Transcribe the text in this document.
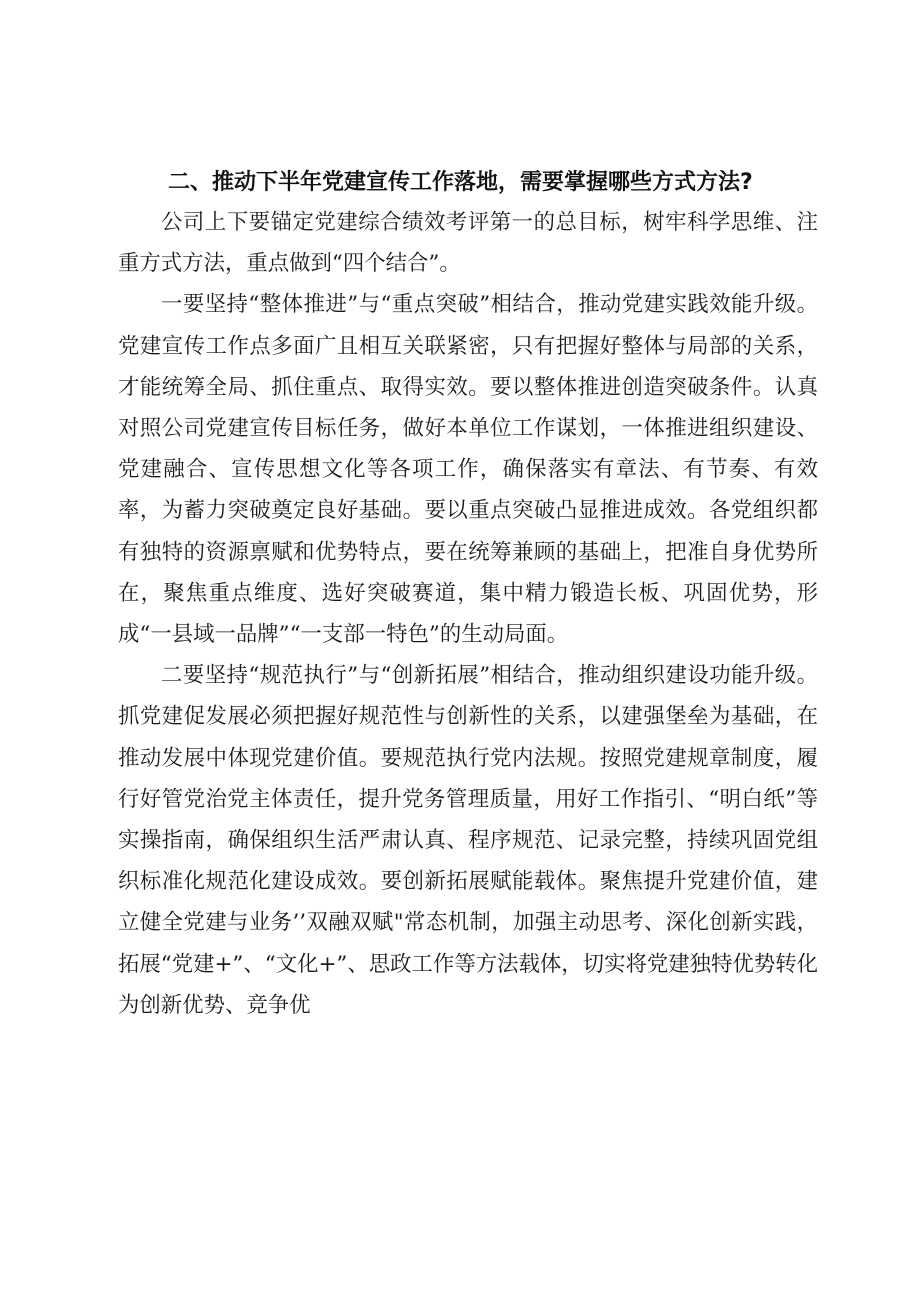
二、推动下半年党建宣传工作落地，需要掌握哪些方式方法?

公司上下要锚定党建综合绩效考评第一的总目标，树牢科学思维、注重方式方法，重点做到“四个结合”。

一要坚持“整体推进”与“重点突破”相结合，推动党建实践效能升级。党建宣传工作点多面广且相互关联紧密，只有把握好整体与局部的关系，才能统筹全局、抓住重点、取得实效。要以整体推进创造突破条件。认真对照公司党建宣传目标任务，做好本单位工作谋划，一体推进组织建设、党建融合、宣传思想文化等各项工作，确保落实有章法、有节奏、有效率，为蓄力突破奠定良好基础。要以重点突破凸显推进成效。各党组织都有独特的资源禀赋和优势特点，要在统筹兼顾的基础上，把准自身优势所在，聚焦重点维度、选好突破赛道，集中精力锻造长板、巩固优势，形成“一县域一品牌”“一支部一特色”的生动局面。

二要坚持“规范执行”与“创新拓展”相结合，推动组织建设功能升级。抓党建促发展必须把握好规范性与创新性的关系，以建强堡垒为基础，在推动发展中体现党建价值。要规范执行党内法规。按照党建规章制度，履行好管党治党主体责任，提升党务管理质量，用好工作指引、“明白纸”等实操指南，确保组织生活严肃认真、程序规范、记录完整，持续巩固党组织标准化规范化建设成效。要创新拓展赋能载体。聚焦提升党建价值，建立健全党建与业务’’双融双赋"常态机制，加强主动思考、深化创新实践，拓展“党建+”、“文化+”、思政工作等方法载体，切实将党建独特优势转化为创新优势、竞争优
